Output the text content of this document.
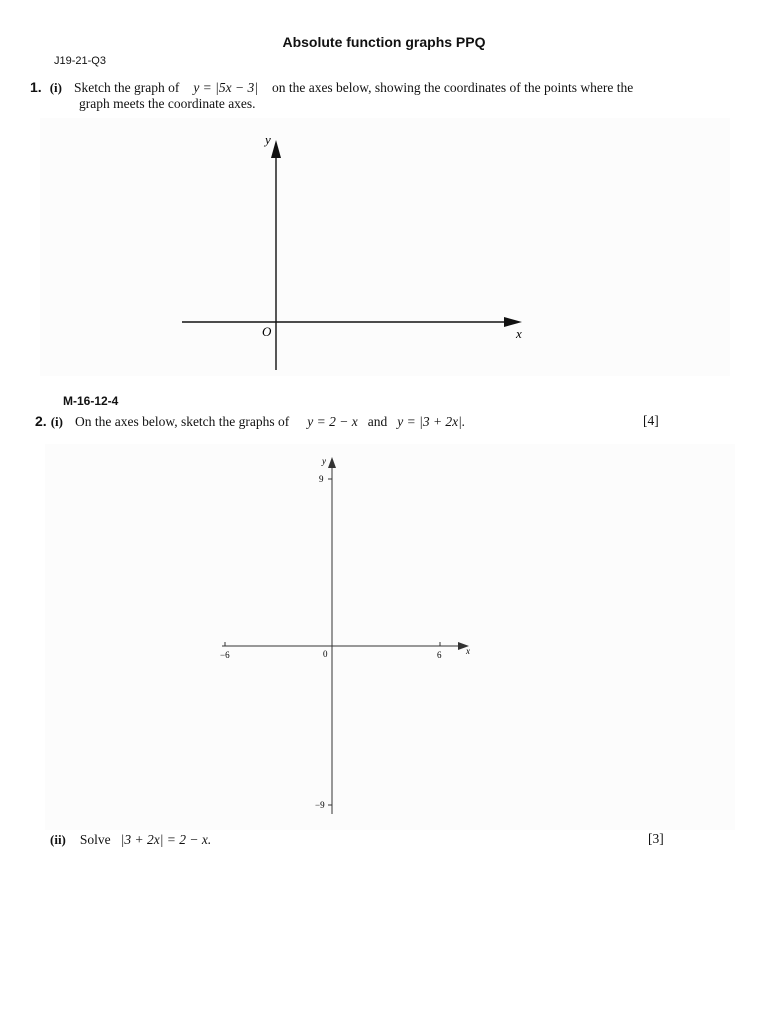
Absolute function graphs PPQ
J19-21-Q3
1. (i) Sketch the graph of y = |5x − 3| on the axes below, showing the coordinates of the points where the
graph meets the coordinate axes.
y
x
O
M-16-12-4
2. (i) On the axes below, sketch the graphs of y = 2 − x and y = |3 + 2x|.	[4]
y
x
9
−9
−6	6
0
(ii) Solve |3 + 2x| = 2 − x.	[3]
